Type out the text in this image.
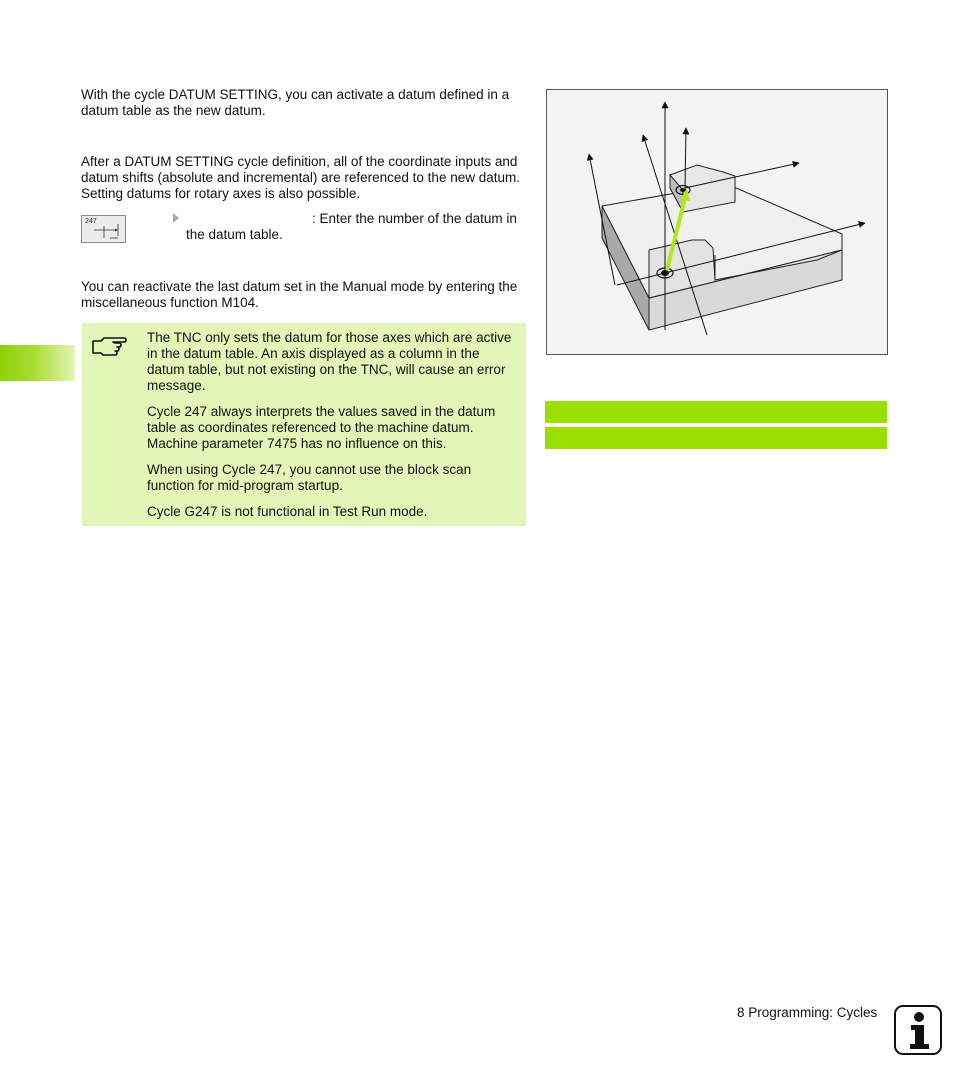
With the cycle DATUM SETTING, you can activate a datum defined in a datum table as the new datum.
After a DATUM SETTING cycle definition, all of the coordinate inputs and datum shifts (absolute and incremental) are referenced to the new datum. Setting datums for rotary axes is also possible.
247	: Enter the number of the datum in the datum table.
You can reactivate the last datum set in the Manual mode by entering the miscellaneous function M104.

The TNC only sets the datum for those axes which are active in the datum table. An axis displayed as a column in the datum table, but not existing on the TNC, will cause an error message.

Cycle 247 always interprets the values saved in the datum table as coordinates referenced to the machine datum. Machine parameter 7475 has no influence on this.

When using Cycle 247, you cannot use the block scan function for mid-program startup.

Cycle G247 is not functional in Test Run mode.

8 Programming: Cycles
